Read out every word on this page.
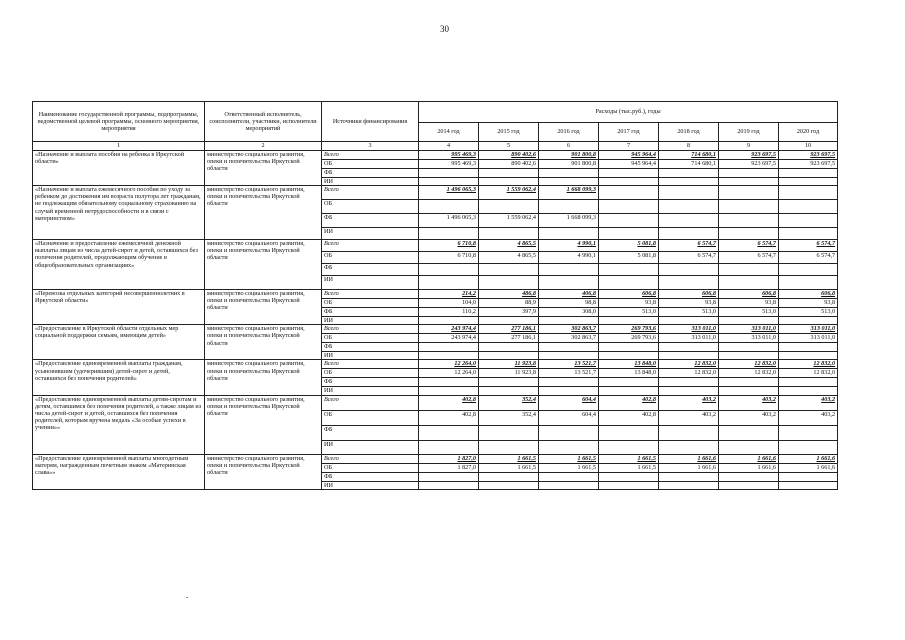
30
Наименование государственной программы, подпрограммы, ведомственной целевой программы, основного мероприятия, мероприятия	Ответственный исполнитель, соисполнители, участники, исполнители мероприятий	Источники финансирования	Расходы (тыс.руб.), годы						
			2014 год	2015 год	2016 год	2017 год	2018 год	2019 год	2020 год
1	2	3	4	5	6	7	8	9	10
«Назначение и выплата пособия на ребенка в Иркутской области»	министерство социального развития, опеки и попечительства Иркутской области	Всего	995 469,3	890 402,6	901 800,8	945 964,4	714 680,1	923 697,5	923 697,5
		ОБ	995 469,3	890 402,6	901 800,8	945 964,4	714 680,1	923 697,5	923 697,5
		ФБ							
		ИИ							
«Назначение и выплата ежемесячного пособия по уходу за ребенком до достижения им возраста полутора лет гражданам, не подлежащим обязательному социальному страхованию на случай временной нетрудоспособности и в связи с материнством»	министерство социального развития, опеки и попечительства Иркутской области	Всего	1 496 065,3	1 559 062,4	1 668 099,3				
		ОБ							
		ФБ	1 496 065,3	1 559 062,4	1 668 099,3				
		ИИ							
«Назначение и предоставление ежемесячной денежной выплаты лицам из числа детей-сирот и детей, оставшихся без попечения родителей, продолжающим обучение в общеобразовательных организациях»	министерство социального развития, опеки и попечительства Иркутской области	Всего	6 710,8	4 865,5	4 990,1	5 081,8	6 574,7	6 574,7	6 574,7
		ОБ	6 710,8	4 865,5	4 990,1	5 081,8	6 574,7	6 574,7	6 574,7
		ФБ							
		ИИ							
«Перевозка отдельных категорий несовершеннолетних в Иркутской области»	министерство социального развития, опеки и попечительства Иркутской области	Всего	214,2	486,8	406,8	606,8	606,8	606,8	606,8
		ОБ	104,0	88,9	98,8	93,8	93,8	93,8	93,8
		ФБ	110,2	397,9	308,0	513,0	513,0	513,0	513,0
		ИИ							
«Предоставление в Иркутской области отдельных мер социальной поддержки семьям, имеющим детей»	министерство социального развития, опеки и попечительства Иркутской области	Всего	243 974,4	277 186,1	302 863,7	269 793,6	313 011,0	313 011,0	313 011,0
		ОБ	243 974,4	277 186,1	302 863,7	269 793,6	313 011,0	313 011,0	313 011,0
		ФБ							
		ИИ							
«Предоставление единовременной выплаты гражданам, усыновившим (удочерившим) детей-сирот и детей, оставшихся без попечения родителей»	министерство социального развития, опеки и попечительства Иркутской области	Всего	12 264,0	11 923,8	13 521,7	13 848,0	12 832,0	12 832,0	12 832,0
		ОБ	12 264,0	11 923,8	13 521,7	13 848,0	12 832,0	12 832,0	12 832,0
		ФБ							
		ИИ							
«Предоставление единовременной выплаты детям-сиротам и детям, оставшимся без попечения родителей, а также лицам из числа детей-сирот и детей, оставшихся без попечения родителей, которым вручена медаль «За особые успехи в учении»»	министерство социального развития, опеки и попечительства Иркутской области	Всего	402,8	352,4	604,4	402,8	403,2	403,2	403,2
		ОБ	402,8	352,4	604,4	402,8	403,2	403,2	403,2
		ФБ							
		ИИ							
«Предоставление единовременной выплаты многодетным матерям, награжденным почетным знаком «Материнская слава»»	министерство социального развития, опеки и попечительства Иркутской области	Всего	1 827,0	1 661,5	1 661,5	1 661,5	1 661,6	1 661,6	1 661,6
		ОБ	1 827,0	1 661,5	1 661,5	1 661,5	1 661,6	1 661,6	1 661,6
		ФБ							
		ИИ							
